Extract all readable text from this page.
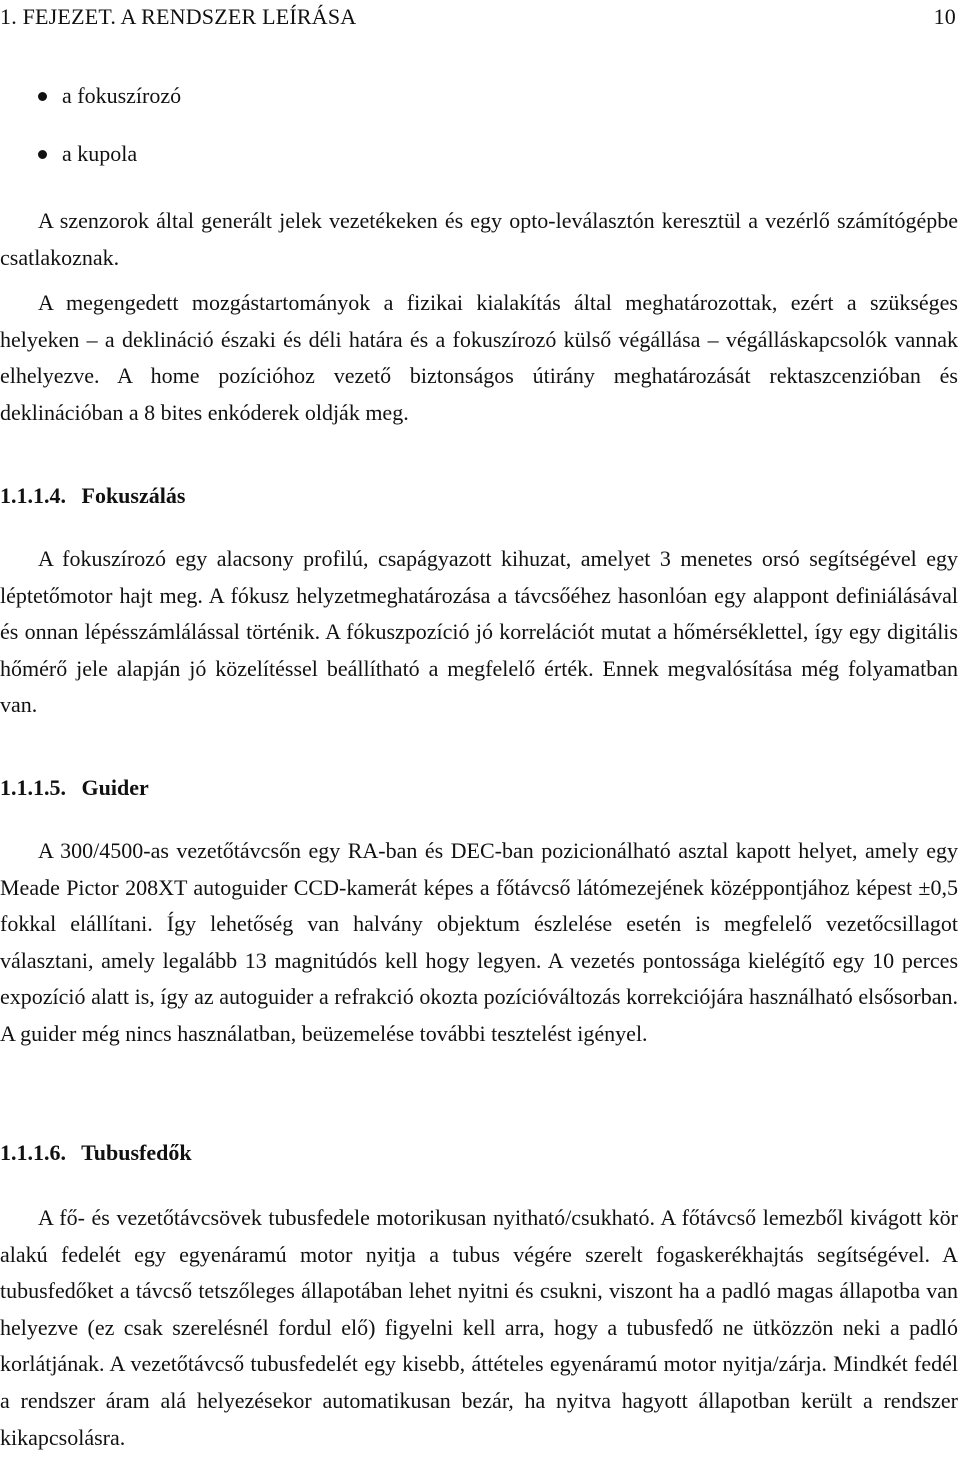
1. FEJEZET. A RENDSZER LEÍRÁSA	10
a fokuszírozó
a kupola

A szenzorok által generált jelek vezetékeken és egy opto-leválasztón keresztül a vezérlő számítógépbe csatlakoznak.

A megengedett mozgástartományok a fizikai kialakítás által meghatározottak, ezért a szükséges helyeken – a deklináció északi és déli határa és a fokuszírozó külső végállása – végálláskapcsolók vannak elhelyezve. A home pozícióhoz vezető biztonságos útirány meghatározását rektaszcenzióban és deklinációban a 8 bites enkóderek oldják meg.

1.1.1.4. Fokuszálás

A fokuszírozó egy alacsony profilú, csapágyazott kihuzat, amelyet 3 menetes orsó segítségével egy léptetőmotor hajt meg. A fókusz helyzetmeghatározása a távcsőéhez hasonlóan egy alappont definiálásával és onnan lépésszámlálással történik. A fókuszpozíció jó korrelációt mutat a hőmérséklettel, így egy digitális hőmérő jele alapján jó közelítéssel beállítható a megfelelő érték. Ennek megvalósítása még folyamatban van.

1.1.1.5. Guider

A 300/4500-as vezetőtávcsőn egy RA-ban és DEC-ban pozicionálható asztal kapott helyet, amely egy Meade Pictor 208XT autoguider CCD-kamerát képes a főtávcső látómezejének középpontjához képest ±0,5 fokkal elállítani. Így lehetőség van halvány objektum észlelése esetén is megfelelő vezetőcsillagot választani, amely legalább 13 magnitúdós kell hogy legyen. A vezetés pontossága kielégítő egy 10 perces expozíció alatt is, így az autoguider a refrakció okozta pozícióváltozás korrekciójára használható elsősorban. A guider még nincs használatban, beüzemelése további tesztelést igényel.

1.1.1.6. Tubusfedők

A fő- és vezetőtávcsövek tubusfedele motorikusan nyitható/csukható. A főtávcső lemezből kivágott kör alakú fedelét egy egyenáramú motor nyitja a tubus végére szerelt fogaskerékhajtás segítségével. A tubusfedőket a távcső tetszőleges állapotában lehet nyitni és csukni, viszont ha a padló magas állapotba van helyezve (ez csak szerelésnél fordul elő) figyelni kell arra, hogy a tubusfedő ne ütközzön neki a padló korlátjának. A vezetőtávcső tubusfedelét egy kisebb, áttételes egyenáramú motor nyitja/zárja. Mindkét fedél a rendszer áram alá helyezésekor automatikusan bezár, ha nyitva hagyott állapotban került a rendszer kikapcsolásra.
